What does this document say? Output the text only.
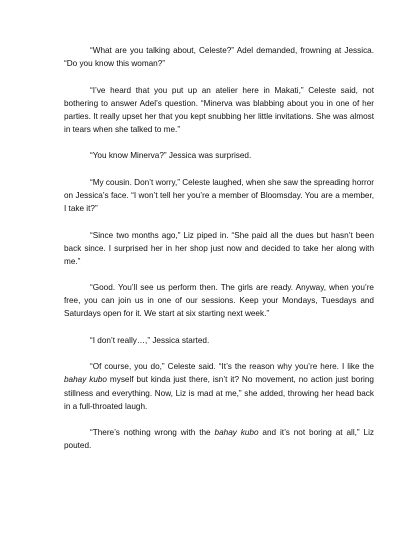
“What are you talking about, Celeste?” Adel demanded, frowning at Jessica. “Do you know this woman?”

“I’ve heard that you put up an atelier here in Makati,” Celeste said, not bothering to answer Adel’s question. “Minerva was blabbing about you in one of her parties. It really upset her that you kept snubbing her little invitations. She was almost in tears when she talked to me.”

“You know Minerva?” Jessica was surprised.

“My cousin. Don’t worry,” Celeste laughed, when she saw the spreading horror on Jessica’s face. “I won’t tell her you’re a member of Bloomsday. You are a member, I take it?”

“Since two months ago,” Liz piped in. “She paid all the dues but hasn’t been back since. I surprised her in her shop just now and decided to take her along with me.”

“Good. You’ll see us perform then. The girls are ready. Anyway, when you’re free, you can join us in one of our sessions. Keep your Mondays, Tuesdays and Saturdays open for it. We start at six starting next week.”

“I don’t really…,” Jessica started.

“Of course, you do,” Celeste said. “It’s the reason why you’re here. I like the bahay kubo myself but kinda just there, isn’t it? No movement, no action just boring stillness and everything. Now, Liz is mad at me,” she added, throwing her head back in a full-throated laugh.

“There’s nothing wrong with the bahay kubo and it’s not boring at all,” Liz pouted.
